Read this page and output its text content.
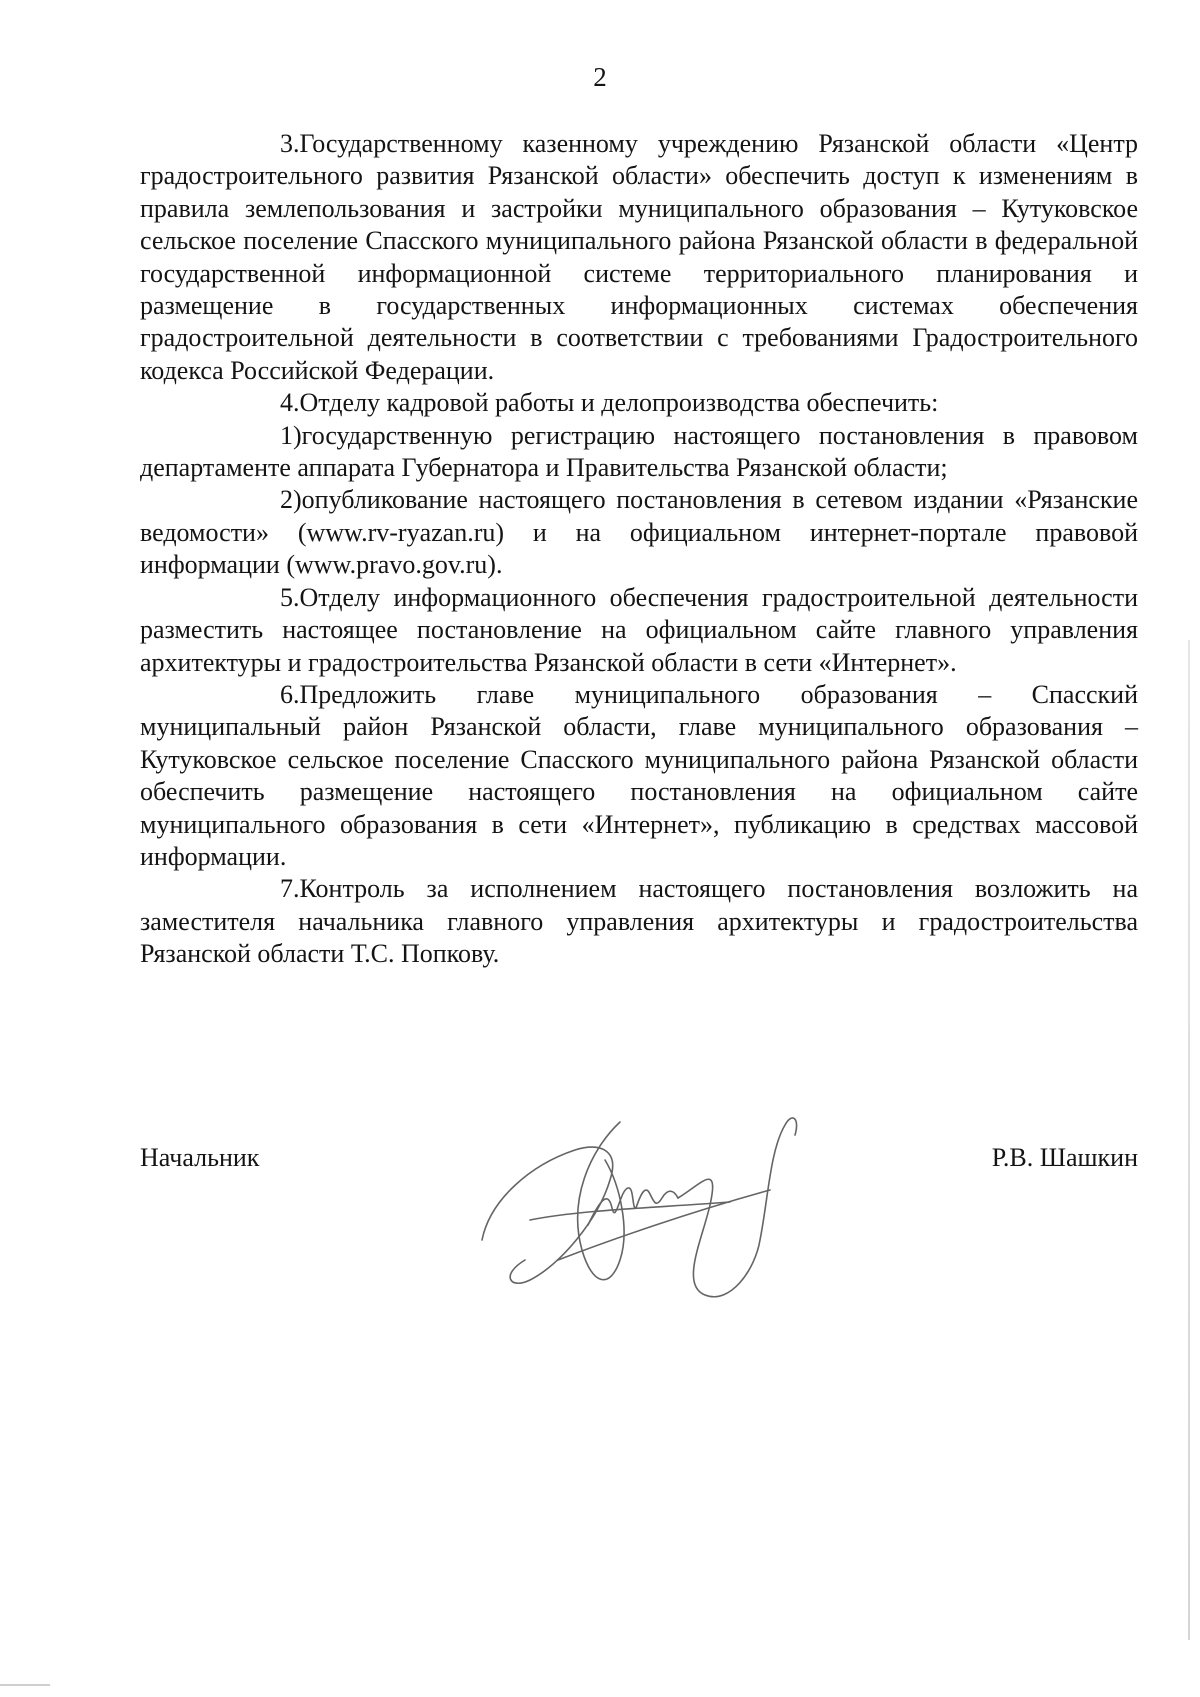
2

3.Государственному казенному учреждению Рязанской области «Центр градостроительного развития Рязанской области» обеспечить доступ к изменениям в правила землепользования и застройки муниципального образования – Кутуковское сельское поселение Спасского муниципального района Рязанской области в федеральной государственной информационной системе территориального планирования и размещение в государственных информационных системах обеспечения градостроительной деятельности в соответствии с требованиями Градостроительного кодекса Российской Федерации.

4.Отделу кадровой работы и делопроизводства обеспечить:

1)государственную регистрацию настоящего постановления в правовом департаменте аппарата Губернатора и Правительства Рязанской области;

2)опубликование настоящего постановления в сетевом издании «Рязанские ведомости» (www.rv-ryazan.ru) и на официальном интернет-портале правовой информации (www.pravo.gov.ru).

5.Отделу информационного обеспечения градостроительной деятельности разместить настоящее постановление на официальном сайте главного управления архитектуры и градостроительства Рязанской области в сети «Интернет».

6.Предложить главе муниципального образования – Спасский муниципальный район Рязанской области, главе муниципального образования – Кутуковское сельское поселение Спасского муниципального района Рязанской области обеспечить размещение настоящего постановления на официальном сайте муниципального образования в сети «Интернет», публикацию в средствах массовой информации.

7.Контроль за исполнением настоящего постановления возложить на заместителя начальника главного управления архитектуры и градостроительства Рязанской области Т.С. Попкову.

Начальник	Р.В. Шашкин
